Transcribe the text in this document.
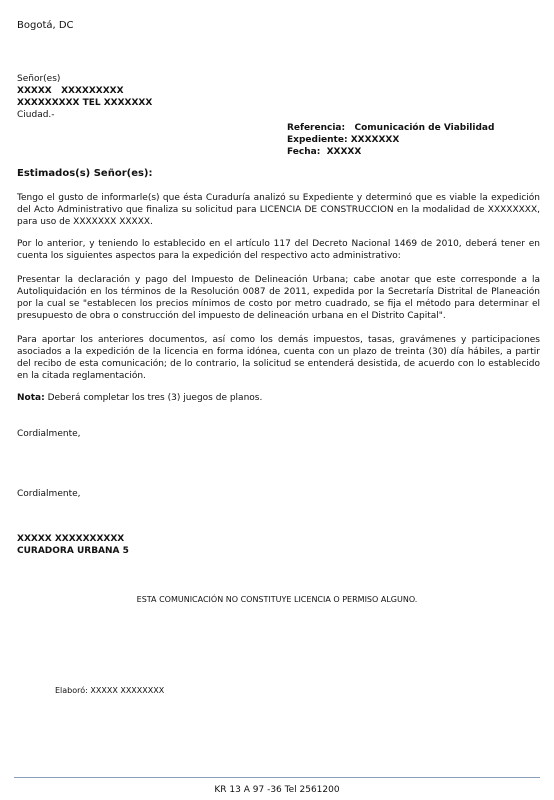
Bogotá, DC
Señor(es)
XXXXX   XXXXXXXXX
XXXXXXXXX TEL XXXXXXX
Ciudad.-
Referencia: Comunicación de Viabilidad
Expediente: XXXXXXX
Fecha: XXXXX
Estimados(s) Señor(es):
Tengo el gusto de informarle(s) que ésta Curaduría analizó su Expediente y determinó que es viable la expedición del Acto Administrativo que finaliza su solicitud para LICENCIA DE CONSTRUCCION en la modalidad de XXXXXXXX, para uso de XXXXXXX XXXXX.
Por lo anterior, y teniendo lo establecido en el artículo 117 del Decreto Nacional 1469 de 2010, deberá tener en cuenta los siguientes aspectos para la expedición del respectivo acto administrativo:
Presentar la declaración y pago del Impuesto de Delineación Urbana; cabe anotar que este corresponde a la Autoliquidación en los términos de la Resolución 0087 de 2011, expedida por la Secretaría Distrital de Planeación por la cual se "establecen los precios mínimos de costo por metro cuadrado, se fija el método para determinar el presupuesto de obra o construcción del impuesto de delineación urbana en el Distrito Capital".
Para aportar los anteriores documentos, así como los demás impuestos, tasas, gravámenes y participaciones asociados a la expedición de la licencia en forma idónea, cuenta con un plazo de treinta (30) día hábiles, a partir del recibo de esta comunicación; de lo contrario, la solicitud se entenderá desistida, de acuerdo con lo establecido en la citada reglamentación.
Nota: Deberá completar los tres (3) juegos de planos.
Cordialmente,
Cordialmente,
XXXXX XXXXXXXXXX
CURADORA URBANA 5
ESTA COMUNICACIÓN NO CONSTITUYE LICENCIA O PERMISO ALGUNO.
Elaboró: XXXXX XXXXXXXX
KR 13 A 97 -36 Tel 2561200
